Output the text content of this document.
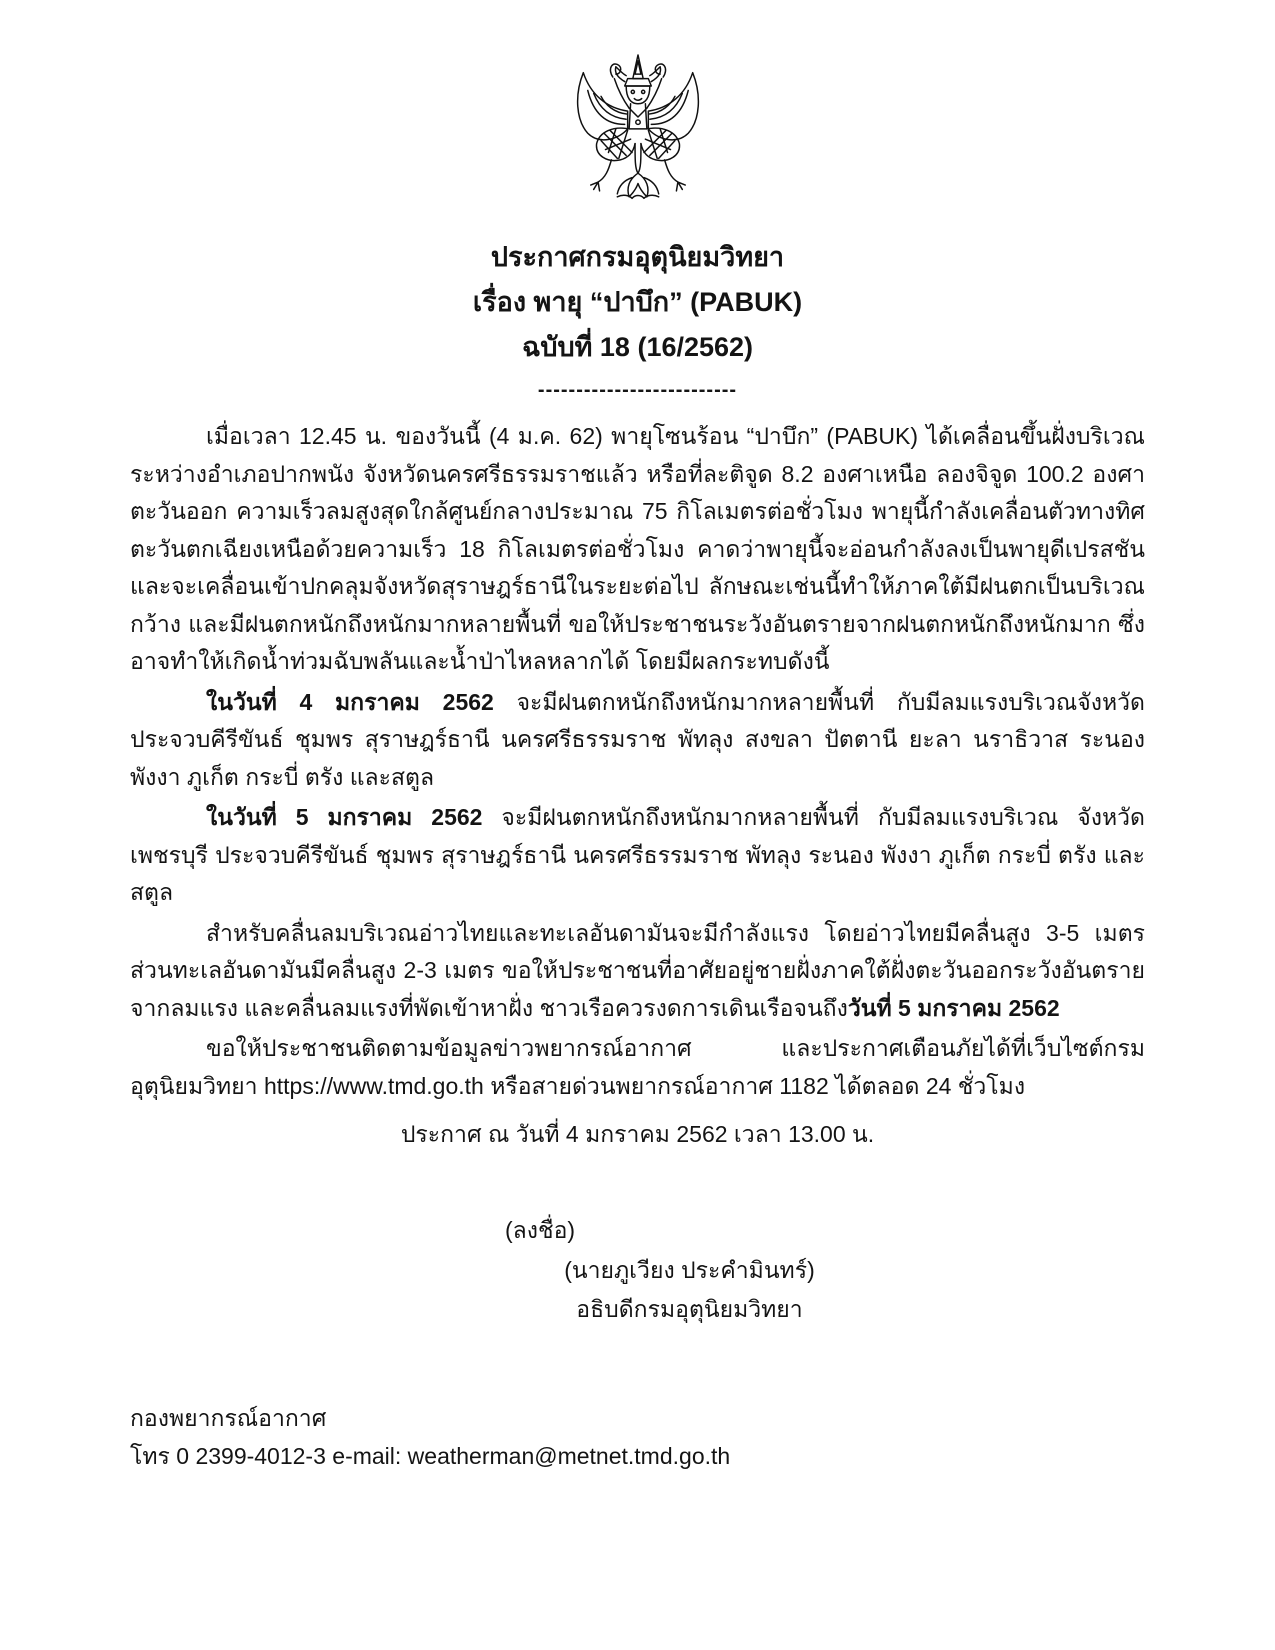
ประกาศกรมอุตุนิยมวิทยา
เรื่อง พายุ “ปาบึก” (PABUK)
ฉบับที่ 18 (16/2562)
--------------------------

เมื่อเวลา 12.45 น. ของวันนี้ (4 ม.ค. 62) พายุโซนร้อน “ปาบึก” (PABUK) ได้เคลื่อนขึ้นฝั่งบริเวณระหว่างอำเภอปากพนัง จังหวัดนครศรีธรรมราชแล้ว หรือที่ละติจูด 8.2 องศาเหนือ ลองจิจูด 100.2 องศาตะวันออก ความเร็วลมสูงสุดใกล้ศูนย์กลางประมาณ 75 กิโลเมตรต่อชั่วโมง พายุนี้กำลังเคลื่อนตัวทางทิศตะวันตกเฉียงเหนือด้วยความเร็ว 18 กิโลเมตรต่อชั่วโมง คาดว่าพายุนี้จะอ่อนกำลังลงเป็นพายุดีเปรสชันและจะเคลื่อนเข้าปกคลุมจังหวัดสุราษฎร์ธานีในระยะต่อไป ลักษณะเช่นนี้ทำให้ภาคใต้มีฝนตกเป็นบริเวณกว้าง และมีฝนตกหนักถึงหนักมากหลายพื้นที่ ขอให้ประชาชนระวังอันตรายจากฝนตกหนักถึงหนักมาก ซึ่งอาจทำให้เกิดน้ำท่วมฉับพลันและน้ำป่าไหลหลากได้ โดยมีผลกระทบดังนี้

ในวันที่ 4 มกราคม 2562 จะมีฝนตกหนักถึงหนักมากหลายพื้นที่ กับมีลมแรงบริเวณจังหวัดประจวบคีรีขันธ์ ชุมพร สุราษฎร์ธานี นครศรีธรรมราช พัทลุง สงขลา ปัตตานี ยะลา นราธิวาส ระนอง พังงา ภูเก็ต กระบี่ ตรัง และสตูล

ในวันที่ 5 มกราคม 2562 จะมีฝนตกหนักถึงหนักมากหลายพื้นที่ กับมีลมแรงบริเวณ จังหวัดเพชรบุรี ประจวบคีรีขันธ์ ชุมพร สุราษฎร์ธานี นครศรีธรรมราช พัทลุง ระนอง พังงา ภูเก็ต กระบี่ ตรัง และสตูล

สำหรับคลื่นลมบริเวณอ่าวไทยและทะเลอันดามันจะมีกำลังแรง โดยอ่าวไทยมีคลื่นสูง 3-5 เมตร ส่วนทะเลอันดามันมีคลื่นสูง 2-3 เมตร ขอให้ประชาชนที่อาศัยอยู่ชายฝั่งภาคใต้ฝั่งตะวันออกระวังอันตรายจากลมแรง และคลื่นลมแรงที่พัดเข้าหาฝั่ง ชาวเรือควรงดการเดินเรือจนถึงวันที่ 5 มกราคม 2562

ขอให้ประชาชนติดตามข้อมูลข่าวพยากรณ์อากาศ และประกาศเตือนภัยได้ที่เว็บไซต์กรมอุตุนิยมวิทยา https://www.tmd.go.th หรือสายด่วนพยากรณ์อากาศ 1182 ได้ตลอด 24 ชั่วโมง

ประกาศ ณ วันที่ 4 มกราคม 2562 เวลา 13.00 น.
(ลงชื่อ)
(นายภูเวียง ประคำมินทร์)
อธิบดีกรมอุตุนิยมวิทยา
กองพยากรณ์อากาศ
โทร 0 2399-4012-3 e-mail: weatherman@metnet.tmd.go.th
